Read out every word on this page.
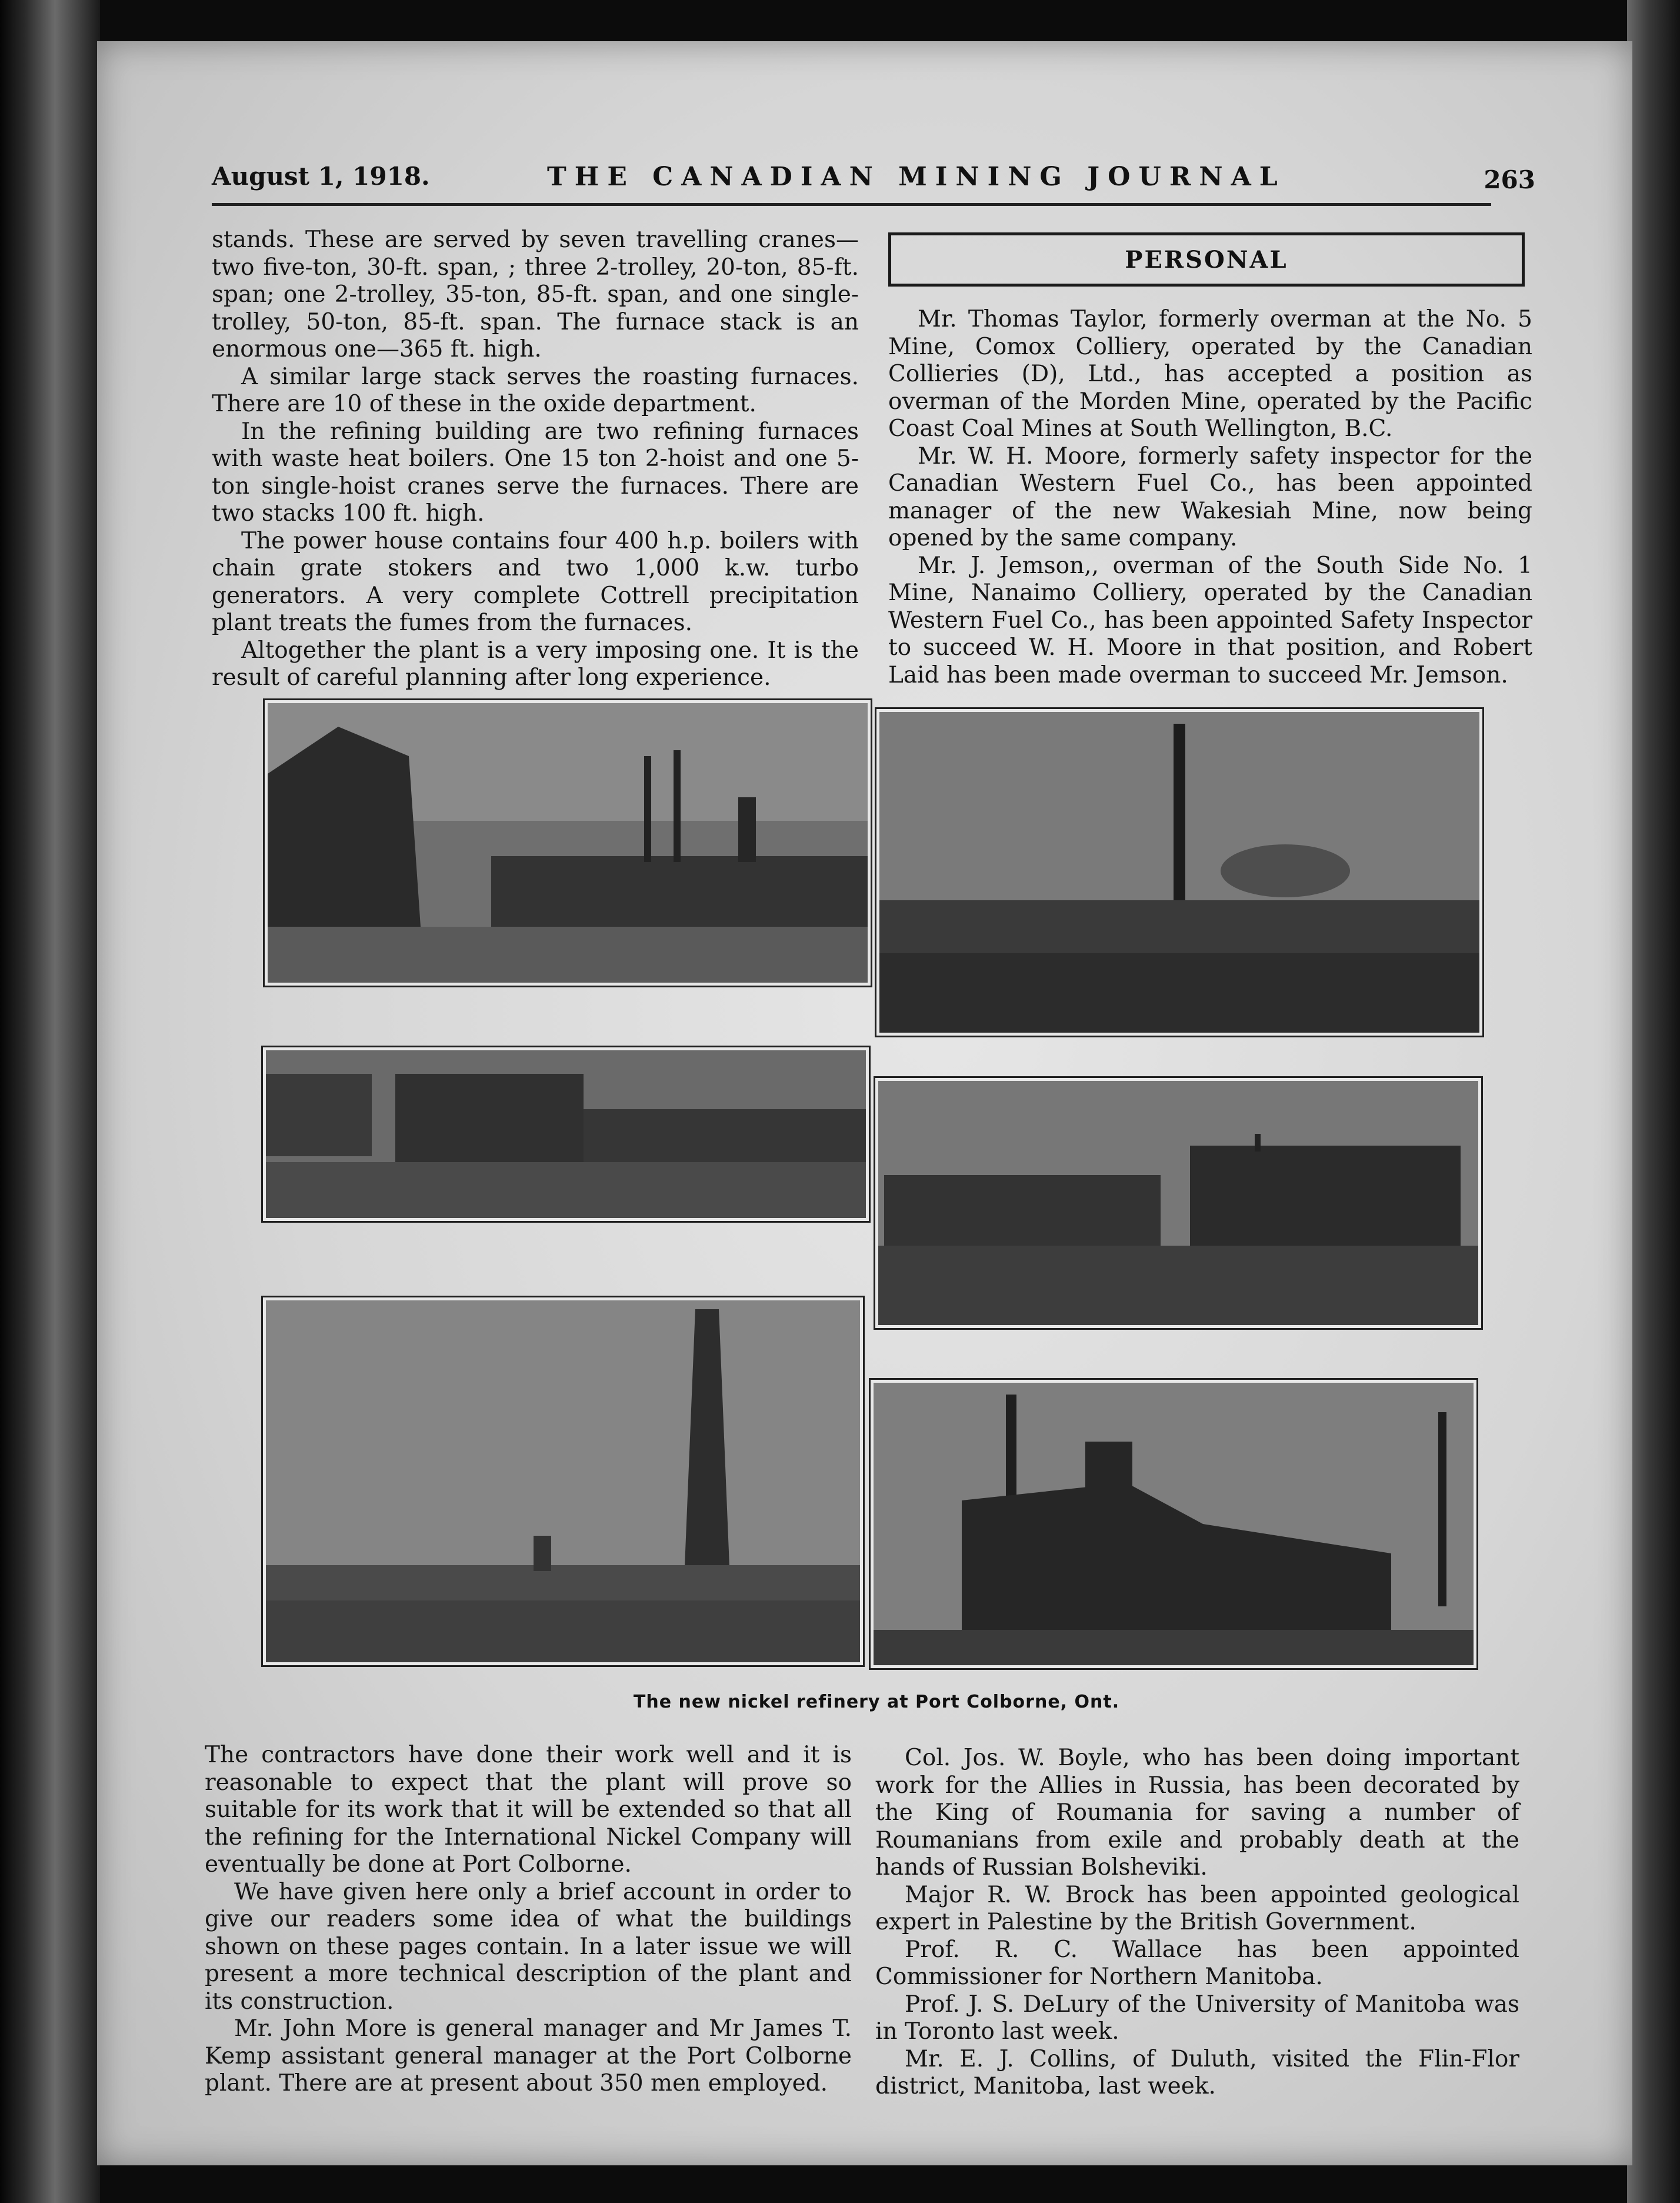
August 1, 1918.	THE CANADIAN MINING JOURNAL	263

stands. These are served by seven travelling cranes— two five-ton, 30-ft. span, ; three 2-trolley, 20-ton, 85-ft. span; one 2-trolley, 35-ton, 85-ft. span, and one single-trolley, 50-ton, 85-ft. span. The furnace stack is an enormous one—365 ft. high.

A similar large stack serves the roasting furnaces. There are 10 of these in the oxide department.

In the refining building are two refining furnaces with waste heat boilers. One 15 ton 2-hoist and one 5-ton single-hoist cranes serve the furnaces. There are two stacks 100 ft. high.

The power house contains four 400 h.p. boilers with chain grate stokers and two 1,000 k.w. turbo generators. A very complete Cottrell precipitation plant treats the fumes from the furnaces.

Altogether the plant is a very imposing one. It is the result of careful planning after long experience.

PERSONAL

Mr. Thomas Taylor, formerly overman at the No. 5 Mine, Comox Colliery, operated by the Canadian Collieries (D), Ltd., has accepted a position as overman of the Morden Mine, operated by the Pacific Coast Coal Mines at South Wellington, B.C.

Mr. W. H. Moore, formerly safety inspector for the Canadian Western Fuel Co., has been appointed manager of the new Wakesiah Mine, now being opened by the same company.

Mr. J. Jemson,, overman of the South Side No. 1 Mine, Nanaimo Colliery, operated by the Canadian Western Fuel Co., has been appointed Safety Inspector to succeed W. H. Moore in that position, and Robert Laid has been made overman to succeed Mr. Jemson.

The new nickel refinery at Port Colborne, Ont.

The contractors have done their work well and it is reasonable to expect that the plant will prove so suitable for its work that it will be extended so that all the refining for the International Nickel Company will eventually be done at Port Colborne.

We have given here only a brief account in order to give our readers some idea of what the buildings shown on these pages contain. In a later issue we will present a more technical description of the plant and its construction.

Mr. John More is general manager and Mr James T. Kemp assistant general manager at the Port Colborne plant. There are at present about 350 men employed.

Col. Jos. W. Boyle, who has been doing important work for the Allies in Russia, has been decorated by the King of Roumania for saving a number of Roumanians from exile and probably death at the hands of Russian Bolsheviki.

Major R. W. Brock has been appointed geological expert in Palestine by the British Government.

Prof. R. C. Wallace has been appointed Commissioner for Northern Manitoba.

Prof. J. S. DeLury of the University of Manitoba was in Toronto last week.

Mr. E. J. Collins, of Duluth, visited the Flin-Flor district, Manitoba, last week.
